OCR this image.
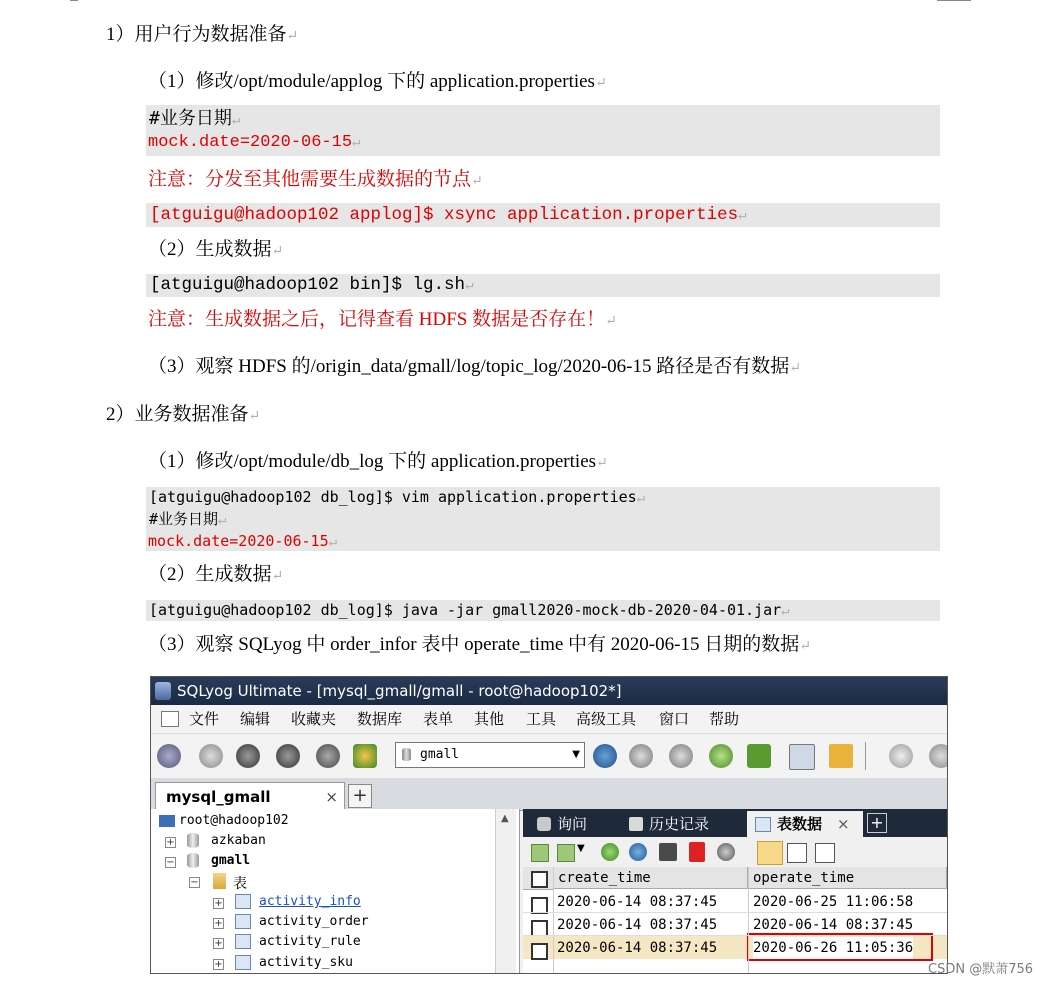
1）用户行为数据准备↵
（1）修改/opt/module/applog 下的 application.properties↵
#业务日期↵
mock.date=2020-06-15↵
注意：分发至其他需要生成数据的节点↵
[atguigu@hadoop102 applog]$ xsync application.properties↵
（2）生成数据↵
[atguigu@hadoop102 bin]$ lg.sh↵
注意：生成数据之后，记得查看 HDFS 数据是否存在！↵
（3）观察 HDFS 的/origin_data/gmall/log/topic_log/2020-06-15 路径是否有数据↵
2）业务数据准备↵
（1）修改/opt/module/db_log 下的 application.properties↵
[atguigu@hadoop102 db_log]$ vim application.properties↵
#业务日期↵
mock.date=2020-06-15↵
（2）生成数据↵
[atguigu@hadoop102 db_log]$ java -jar gmall2020-mock-db-2020-04-01.jar↵
（3）观察 SQLyog 中 order_infor 表中 operate_time 中有 2020-06-15 日期的数据↵
SQLyog Ultimate - [mysql_gmall/gmall - root@hadoop102*]
文件 编辑 收藏夹 数据库 表单 其他 工具 高级工具 窗口 帮助
gmall	▼
mysql_gmall	× +
root@hadoop102
+	azkaban
−	gmall
− 表
+	activity_info
+	activity_order
+	activity_rule
+	activity_sku
▲	询问	历史记录	表数据 × +
▼
create_time	operate_time
2020-06-14 08:37:45	2020-06-25 11:06:58
2020-06-14 08:37:45	2020-06-14 08:37:45
2020-06-14 08:37:45	2020-06-26 11:05:36
CSDN @默萧756
